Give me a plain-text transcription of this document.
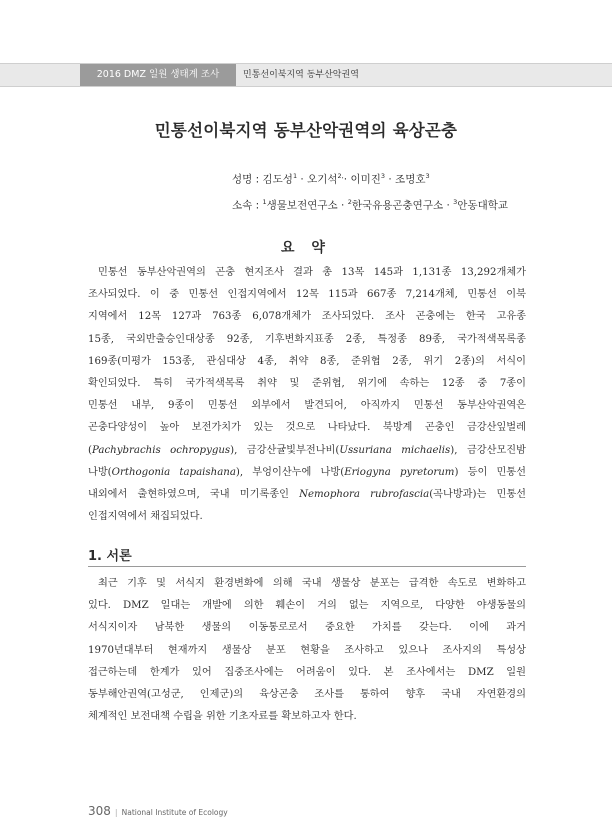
2016 DMZ 일원 생태계 조사	민통선이북지역 동부산악권역
민통선이북지역 동부산악권역의 육상곤충
성명 : 김도성$^1$ · 오기석$^{2,}$· 이미진$^3$ · 조명호$^3$
소속 : $^1$생물보전연구소 · $^2$한국유용곤충연구소 · $^3$안동대학교
요 약
민통선 동부산악권역의 곤충 현지조사 결과 총 13목 145과 1,131종 13,292개체가
조사되었다. 이 중 민통선 인접지역에서 12목 115과 667종 7,214개체, 민통선 이북
지역에서 12목 127과 763종 6,078개체가 조사되었다. 조사 곤충에는 한국 고유종
15종, 국외반출승인대상종 92종, 기후변화지표종 2종, 특정종 89종, 국가적색목록종
169종(미평가 153종, 관심대상 4종, 취약 8종, 준위협 2종, 위기 2종)의 서식이
확인되었다. 특히 국가적색목록 취약 및 준위협, 위기에 속하는 12종 중 7종이
민통선 내부, 9종이 민통선 외부에서 발견되어, 아직까지 민통선 동부산악권역은
곤충다양성이 높아 보전가치가 있는 것으로 나타났다. 북방계 곤충인 금강산잎벌레
(Pachybrachis ochropygus), 금강산귤빛부전나비(Ussuriana michaelis), 금강산모진밤
나방(Orthogonia tapaishana), 부엉이산누에 나방(Eriogyna pyretorum) 등이 민통선
내외에서 출현하였으며, 국내 미기록종인 Nemophora rubrofascia(곡나방과)는 민통선
인접지역에서 채집되었다.
1. 서론
최근 기후 및 서식지 환경변화에 의해 국내 생물상 분포는 급격한 속도로 변화하고
있다. DMZ 일대는 개발에 의한 훼손이 거의 없는 지역으로, 다양한 야생동물의
서식지이자 남북한 생물의 이동통로로서 중요한 가치를 갖는다. 이에 과거
1970년대부터 현재까지 생물상 분포 현황을 조사하고 있으나 조사지의 특성상
접근하는데 한계가 있어 집중조사에는 어려움이 있다. 본 조사에서는 DMZ 일원
동부해안권역(고성군, 인제군)의 육상곤충 조사를 통하여 향후 국내 자연환경의
체계적인 보전대책 수립을 위한 기초자료를 확보하고자 한다.
308 | National Institute of Ecology
